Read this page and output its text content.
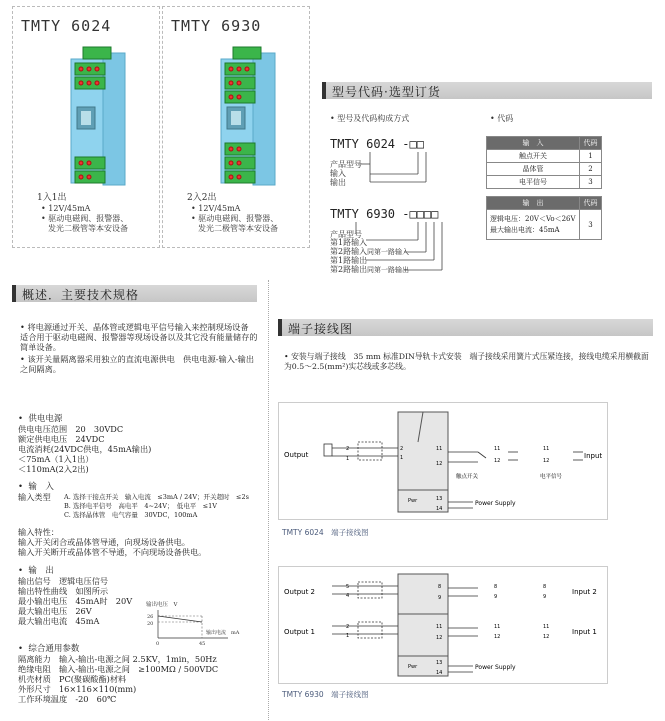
TMTY 6024
1入1出
• 12V/45mA
• 驱动电磁阀、报警器、
发光二极管等本安设备
TMTY 6930
2入2出
• 12V/45mA
• 驱动电磁阀、报警器、
发光二极管等本安设备
型号代码·选型订货
• 型号及代码构成方式	• 代码
TMTY 6024 -□□
产品型号
输入
输出
TMTY 6930 -□□□□
产品型号
第1路输入
第2路输入 同第一路输入
第1路输出
第2路输出 同第一路输出
输　入	代码
触点开关	1
晶体管	2
电平信号	3
输　出	代码

逻辑电压：20V＜Vo＜26V
最大输出电流：45mA	3
概述．主要技术规格
• 将电源通过开关、晶体管或逻辑电平信号输入来控制现场设备　适合用于驱动电磁阀、报警器等现场设备以及其它没有能量储存的简单设备。
• 该开关量隔离器采用独立的直流电源供电　供电电源-输入-输出之间隔离。
•  供电电源
供电电压范围　20　30VDC
额定供电电压　24VDC
电流消耗(24VDC供电，45mA输出)
＜75mA（1入1出）
＜110mA(2入2出)
•  输　入
输入类型 A. 选择干接点开关　输入电流　≤3mA / 24V；开关超时　≤2s
B. 选择电平信号　高电平　4~24V；　低电平　≤1V
C. 选择晶体管　电气容量　30VDC，100mA
输入特性：
输入开关闭合或晶体管导通，向现场设备供电。
输入开关断开或晶体管不导通，不向现场设备供电。
•  输　出
输出信号　逻辑电压信号
输出特性曲线　如图所示
最小输出电压　45mA时　20V
最大输出电压　26V
最大输出电流　45mA
输出电压　V
26
20
0	45
输出电流　mA
•  综合通用参数
隔离能力　输入-输出-电源之间 2.5KV，1min，50Hz
绝缘电阻　输入-输出-电源之间　≥100MΩ / 500VDC
机壳材质　PC(聚碳酸酯)材料
外形尺寸　16×116×110(mm)
工作环境温度　-20　60℃
端子接线图
• 安装与端子接线　35 mm 标准DIN导轨卡式安装　端子接线采用簧片式压紧连接，接线电缆采用横截面为0.5～2.5(mm²)实芯线或多芯线。
Output
2
1
2
1
11
12
11
12
11
12
13
14
Pwr	Power Supply
触点开关	电平信号
Input
TMTY 6024　端子接线图
Output 2
Output 1
5
4
2
1
8
9
11
12
8
9
8
9
11
12
11
12
13
14
Pwr	Power Supply
Input 2
Input 1
TMTY 6930　端子接线图
